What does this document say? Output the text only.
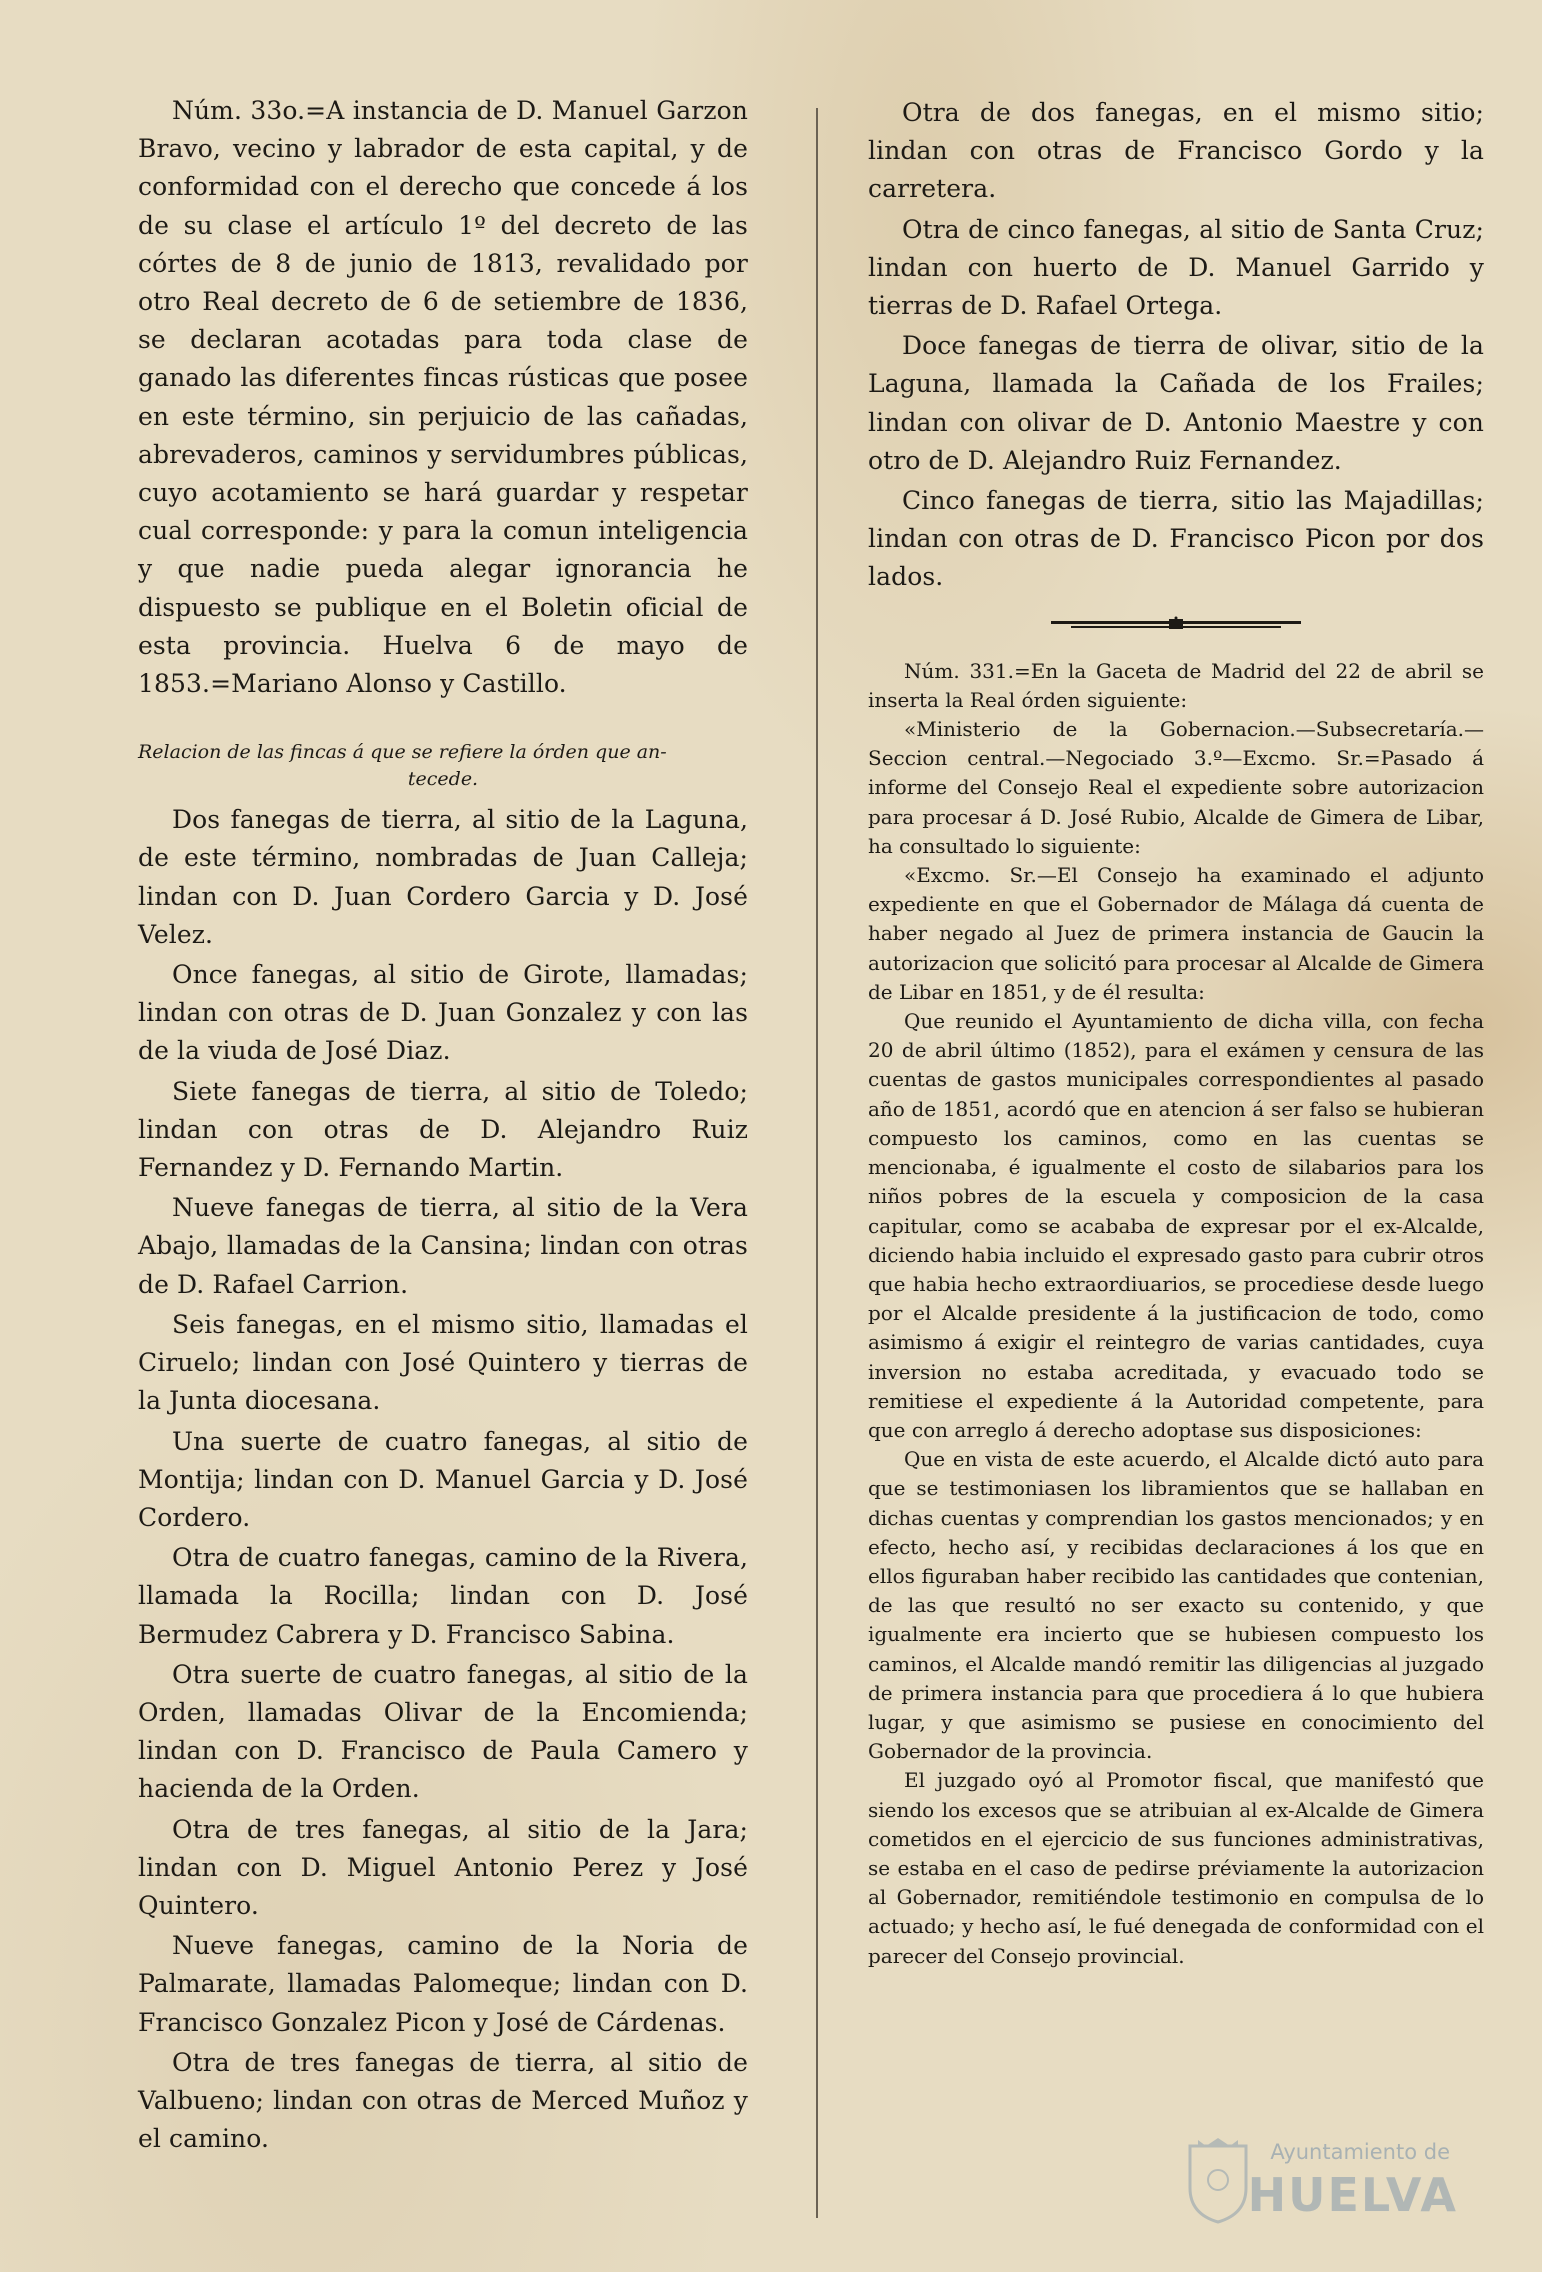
Núm. 33o.=A instancia de D. Manuel Garzon Bravo, vecino y labrador de esta capital, y de conformidad con el derecho que concede á los de su clase el artículo 1º del decreto de las córtes de 8 de junio de 1813, revalidado por otro Real decreto de 6 de setiembre de 1836, se declaran acotadas para toda clase de ganado las diferentes fincas rústicas que posee en este término, sin perjuicio de las cañadas, abrevaderos, caminos y servidumbres públicas, cuyo acotamiento se hará guardar y respetar cual corresponde: y para la comun inteligencia y que nadie pueda alegar ignorancia he dispuesto se publique en el Boletin oficial de esta provincia. Huelva 6 de mayo de 1853.=Mariano Alonso y Castillo.

Relacion de las fincas á que se refiere la órden que an-
tecede.

Dos fanegas de tierra, al sitio de la Laguna, de este término, nombradas de Juan Calleja; lindan con D. Juan Cordero Garcia y D. José Velez.

Once fanegas, al sitio de Girote, llamadas; lindan con otras de D. Juan Gonzalez y con las de la viuda de José Diaz.

Siete fanegas de tierra, al sitio de Toledo; lindan con otras de D. Alejandro Ruiz Fernandez y D. Fernando Martin.

Nueve fanegas de tierra, al sitio de la Vera Abajo, llamadas de la Cansina; lindan con otras de D. Rafael Carrion.

Seis fanegas, en el mismo sitio, llamadas el Ciruelo; lindan con José Quintero y tierras de la Junta diocesana.

Una suerte de cuatro fanegas, al sitio de Montija; lindan con D. Manuel Garcia y D. José Cordero.

Otra de cuatro fanegas, camino de la Rivera, llamada la Rocilla; lindan con D. José Bermudez Cabrera y D. Francisco Sabina.

Otra suerte de cuatro fanegas, al sitio de la Orden, llamadas Olivar de la Encomienda; lindan con D. Francisco de Paula Camero y hacienda de la Orden.

Otra de tres fanegas, al sitio de la Jara; lindan con D. Miguel Antonio Perez y José Quintero.

Nueve fanegas, camino de la Noria de Palmarate, llamadas Palomeque; lindan con D. Francisco Gonzalez Picon y José de Cárdenas.

Otra de tres fanegas de tierra, al sitio de Valbueno; lindan con otras de Merced Muñoz y el camino.

Otra de dos fanegas, en el mismo sitio; lindan con otras de Francisco Gordo y la carretera.

Otra de cinco fanegas, al sitio de Santa Cruz; lindan con huerto de D. Manuel Garrido y tierras de D. Rafael Ortega.

Doce fanegas de tierra de olivar, sitio de la Laguna, llamada la Cañada de los Frailes; lindan con olivar de D. Antonio Maestre y con otro de D. Alejandro Ruiz Fernandez.

Cinco fanegas de tierra, sitio las Majadillas; lindan con otras de D. Francisco Picon por dos lados.

Núm. 331.=En la Gaceta de Madrid del 22 de abril se inserta la Real órden siguiente:

«Ministerio de la Gobernacion.—Subsecretaría.—Seccion central.—Negociado 3.º—Excmo. Sr.=Pasado á informe del Consejo Real el expediente sobre autorizacion para procesar á D. José Rubio, Alcalde de Gimera de Libar, ha consultado lo siguiente:

«Excmo. Sr.—El Consejo ha examinado el adjunto expediente en que el Gobernador de Málaga dá cuenta de haber negado al Juez de primera instancia de Gaucin la autorizacion que solicitó para procesar al Alcalde de Gimera de Libar en 1851, y de él resulta:

Que reunido el Ayuntamiento de dicha villa, con fecha 20 de abril último (1852), para el exámen y censura de las cuentas de gastos municipales correspondientes al pasado año de 1851, acordó que en atencion á ser falso se hubieran compuesto los caminos, como en las cuentas se mencionaba, é igualmente el costo de silabarios para los niños pobres de la escuela y composicion de la casa capitular, como se acababa de expresar por el ex-Alcalde, diciendo habia incluido el expresado gasto para cubrir otros que habia hecho extraordiuarios, se procediese desde luego por el Alcalde presidente á la justificacion de todo, como asimismo á exigir el reintegro de varias cantidades, cuya inversion no estaba acreditada, y evacuado todo se remitiese el expediente á la Autoridad competente, para que con arreglo á derecho adoptase sus disposiciones:

Que en vista de este acuerdo, el Alcalde dictó auto para que se testimoniasen los libramientos que se hallaban en dichas cuentas y comprendian los gastos mencionados; y en efecto, hecho así, y recibidas declaraciones á los que en ellos figuraban haber recibido las cantidades que contenian, de las que resultó no ser exacto su contenido, y que igualmente era incierto que se hubiesen compuesto los caminos, el Alcalde mandó remitir las diligencias al juzgado de primera instancia para que procediera á lo que hubiera lugar, y que asimismo se pusiese en conocimiento del Gobernador de la provincia.

El juzgado oyó al Promotor fiscal, que manifestó que siendo los excesos que se atribuian al ex-Alcalde de Gimera cometidos en el ejercicio de sus funciones administrativas, se estaba en el caso de pedirse préviamente la autorizacion al Gobernador, remitiéndole testimonio en compulsa de lo actuado; y hecho así, le fué denegada de conformidad con el parecer del Consejo provincial.

Ayuntamiento de
HUELVA
